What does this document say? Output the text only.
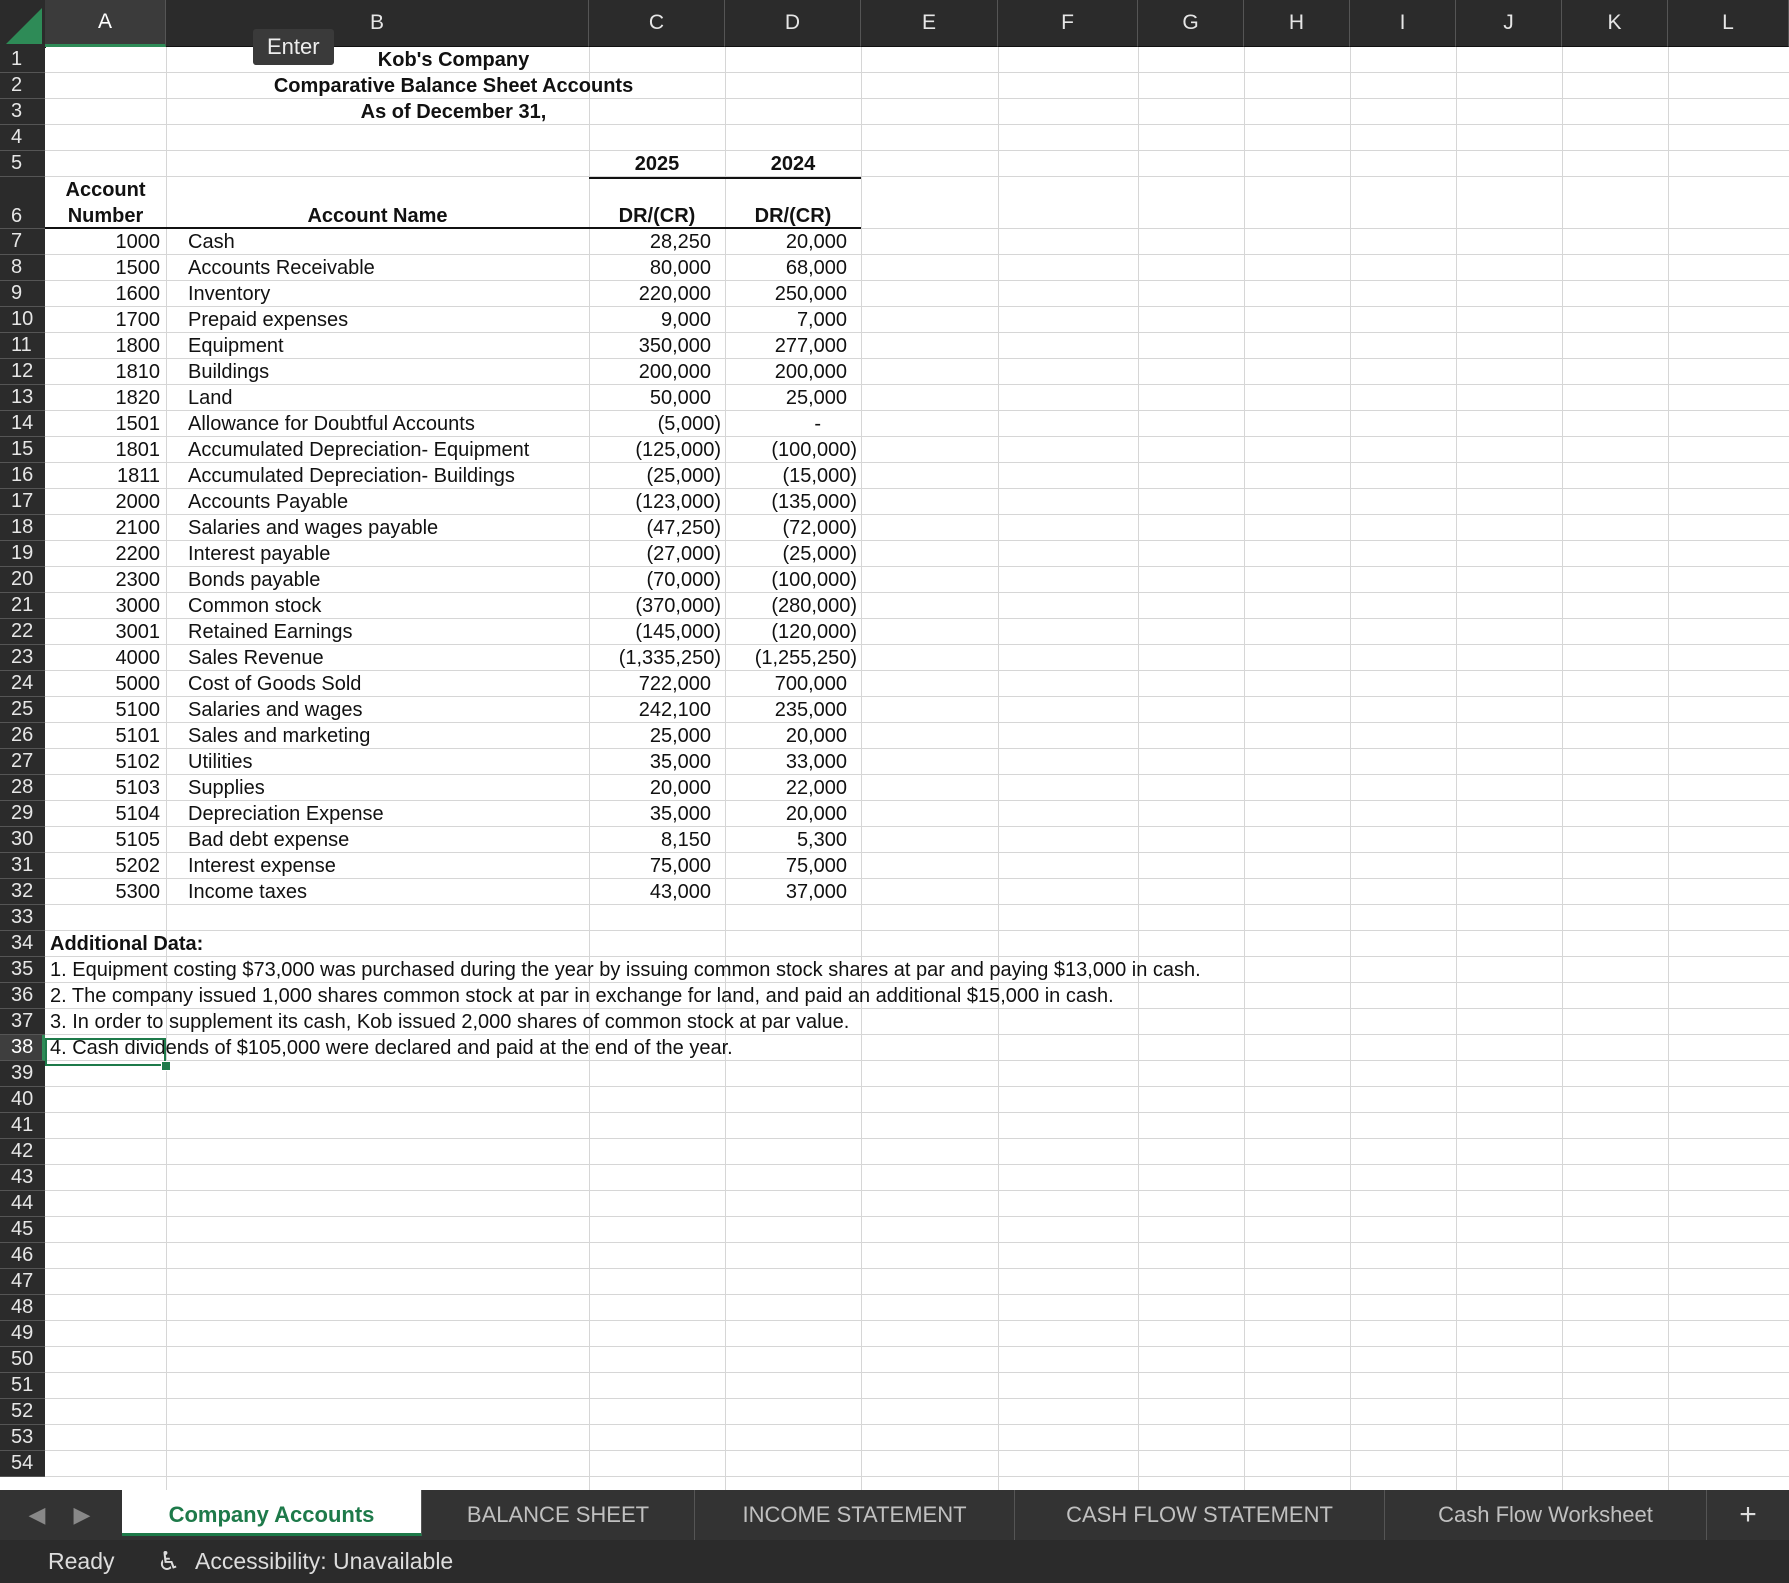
A	B	C	D	E	F	G	H	I	J	K	L
1
2
3
4
5
6
7
8
9
10
11
12
13
14
15
16
17
18
19
20
21
22
23
24
25
26
27
28
29
30
31
32
33
34
35
36
37
38
39
40
41
42
43
44
45
46
47
48
49
50
51
52
53
54
Kob's Company
Comparative Balance Sheet Accounts
As of December 31,
2025	2024
Account
Number	Account Name	DR/(CR)	DR/(CR)
1000 Cash	28,250	20,000
1500 Accounts Receivable	80,000	68,000
1600 Inventory	220,000	250,000
1700 Prepaid expenses	9,000	7,000
1800 Equipment	350,000	277,000
1810 Buildings	200,000	200,000
1820 Land	50,000	25,000
1501 Allowance for Doubtful Accounts	(5,000)	-
1801 Accumulated Depreciation- Equipment	(125,000)	(100,000)
1811 Accumulated Depreciation- Buildings	(25,000)	(15,000)
2000 Accounts Payable	(123,000)	(135,000)
2100 Salaries and wages payable	(47,250)	(72,000)
2200 Interest payable	(27,000)	(25,000)
2300 Bonds payable	(70,000)	(100,000)
3000 Common stock	(370,000)	(280,000)
3001 Retained Earnings	(145,000)	(120,000)
4000 Sales Revenue	(1,335,250)	(1,255,250)
5000 Cost of Goods Sold	722,000	700,000
5100 Salaries and wages	242,100	235,000
5101 Sales and marketing	25,000	20,000
5102 Utilities	35,000	33,000
5103 Supplies	20,000	22,000
5104 Depreciation Expense	35,000	20,000
5105 Bad debt expense	8,150	5,300
5202 Interest expense	75,000	75,000
5300 Income taxes	43,000	37,000
Additional Data:
1. Equipment costing $73,000 was purchased during the year by issuing common stock shares at par and paying $13,000 in cash.
2. The company issued 1,000 shares common stock at par in exchange for land, and paid an additional $15,000 in cash.
3. In order to supplement its cash, Kob issued 2,000 shares of common stock at par value.
4. Cash dividends of $105,000 were declared and paid at the end of the year.
Enter
◀	▶	Company Accounts	BALANCE SHEET	INCOME STATEMENT	CASH FLOW STATEMENT	Cash Flow Worksheet	+
Ready ♿ Accessibility: Unavailable
